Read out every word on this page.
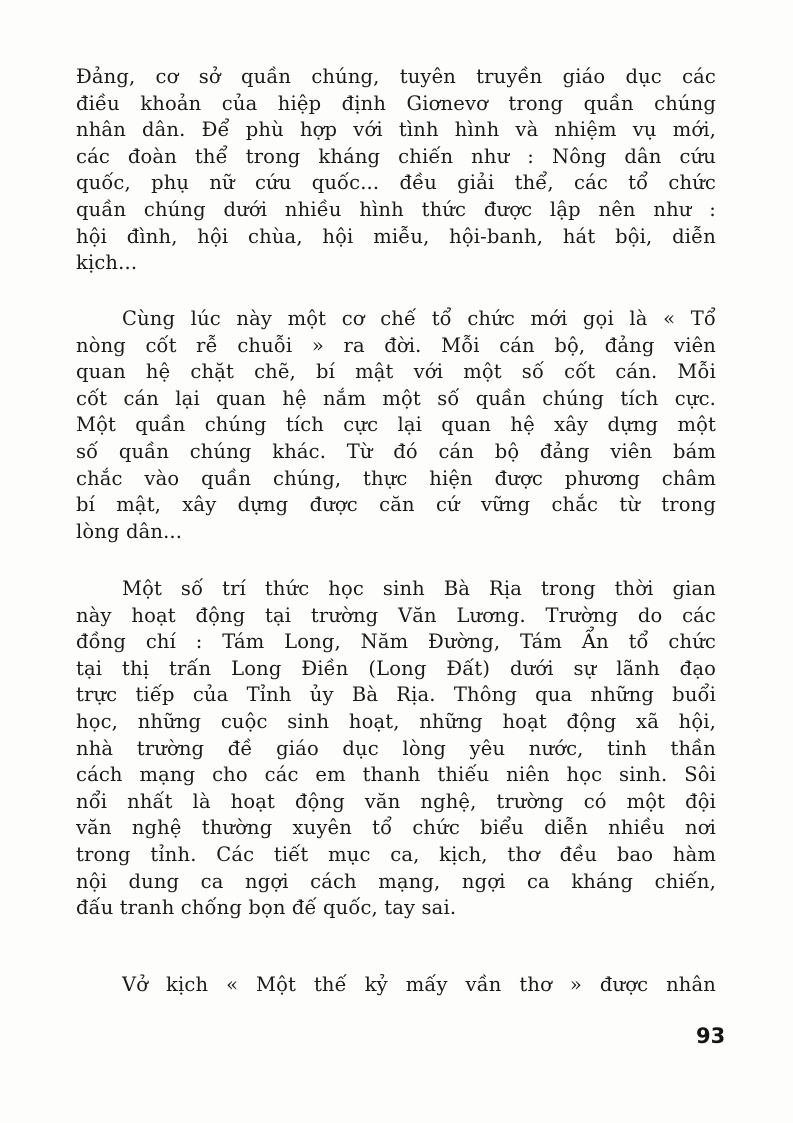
Đảng, cơ sở quần chúng, tuyên truyền giáo dục các
điều khoản của hiệp định Giơnevơ trong quần chúng
nhân dân. Để phù hợp với tình hình và nhiệm vụ mới,
các đoàn thể trong kháng chiến như : Nông dân cứu
quốc, phụ nữ cứu quốc... đều giải thể, các tổ chức
quần chúng dưới nhiều hình thức được lập nên như :
hội đình, hội chùa, hội miễu, hội-banh, hát bội, diễn
kịch...
Cùng lúc này một cơ chế tổ chức mới gọi là « Tổ
nòng cốt rễ chuỗi » ra đời. Mỗi cán bộ, đảng viên
quan hệ chặt chẽ, bí mật với một số cốt cán. Mỗi
cốt cán lại quan hệ nắm một số quần chúng tích cực.
Một quần chúng tích cực lại quan hệ xây dựng một
số quần chúng khác. Từ đó cán bộ đảng viên bám
chắc vào quần chúng, thực hiện được phương châm
bí mật, xây dựng được căn cứ vững chắc từ trong
lòng dân...
Một số trí thức học sinh Bà Rịa trong thời gian
này hoạt động tại trường Văn Lương. Trường do các
đồng chí : Tám Long, Năm Đường, Tám Ẩn tổ chức
tại thị trấn Long Điền (Long Đất) dưới sự lãnh đạo
trực tiếp của Tỉnh ủy Bà Rịa. Thông qua những buổi
học, những cuộc sinh hoạt, những hoạt động xã hội,
nhà trường đề giáo dục lòng yêu nước, tinh thần
cách mạng cho các em thanh thiếu niên học sinh. Sôi
nổi nhất là hoạt động văn nghệ, trường có một đội
văn nghệ thường xuyên tổ chức biểu diễn nhiều nơi
trong tỉnh. Các tiết mục ca, kịch, thơ đều bao hàm
nội dung ca ngợi cách mạng, ngợi ca kháng chiến,
đấu tranh chống bọn đế quốc, tay sai.
Vở kịch « Một thế kỷ mấy vần thơ » được nhân
93
